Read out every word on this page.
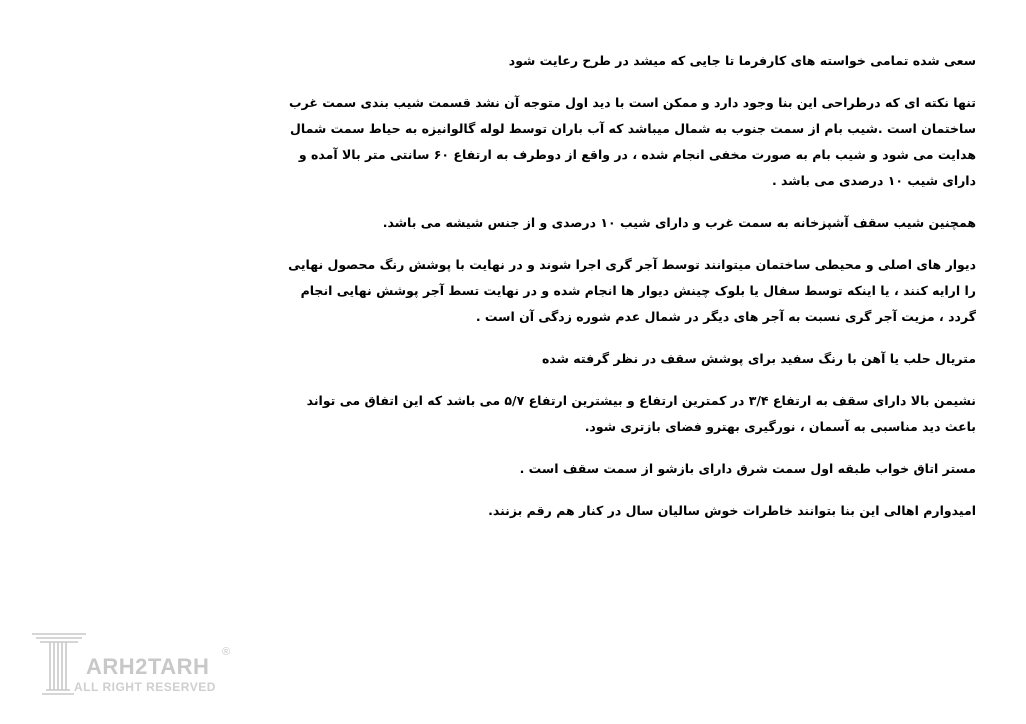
سعی شده تمامی خواسته های کارفرما تا جایی که میشد در طرح رعایت شود

تنها نکته ای که درطراحی این بنا وجود دارد و ممکن است با دید اول متوجه آن نشد قسمت شیب بندی سمت غرب
ساختمان است .شیب بام از سمت جنوب به شمال میباشد که آب باران توسط لوله گالوانیزه به حیاط سمت شمال
هدایت می شود و شیب بام به صورت مخفی انجام شده ، در واقع از دوطرف به ارتفاع ۶۰ سانتی متر بالا آمده و
دارای شیب ۱۰ درصدی می باشد .

همچنین شیب سقف آشپزخانه به سمت غرب و دارای شیب ۱۰ درصدی و از جنس شیشه می باشد.

دیوار های اصلی و محیطی ساختمان میتوانند توسط آجر گری اجرا شوند و در نهایت با پوشش رنگ محصول نهایی
را ارایه کنند ، یا اینکه توسط سفال یا بلوک چینش دیوار ها انجام شده و در نهایت تسط آجر پوشش نهایی انجام
گردد ، مزیت آجر گری نسبت به آجر های دیگر در شمال عدم شوره زدگی آن است .

متریال حلب یا آهن با رنگ سفید برای پوشش سقف در نظر گرفته شده

نشیمن بالا دارای سقف به ارتفاع ۳/۴ در کمترین ارتفاع و بیشترین ارتفاع ۵/۷ می باشد که این اتفاق می تواند
باعث دید مناسبی به آسمان ، نورگیری بهترو فضای بازتری شود.

مستر اتاق خواب طبقه اول سمت شرق دارای بازشو از سمت سقف است .

امیدوارم اهالی این بنا بتوانند خاطرات خوش سالیان سال در کنار هم رقم بزنند.

ARH2TARH
®
ALL RIGHT RESERVED
